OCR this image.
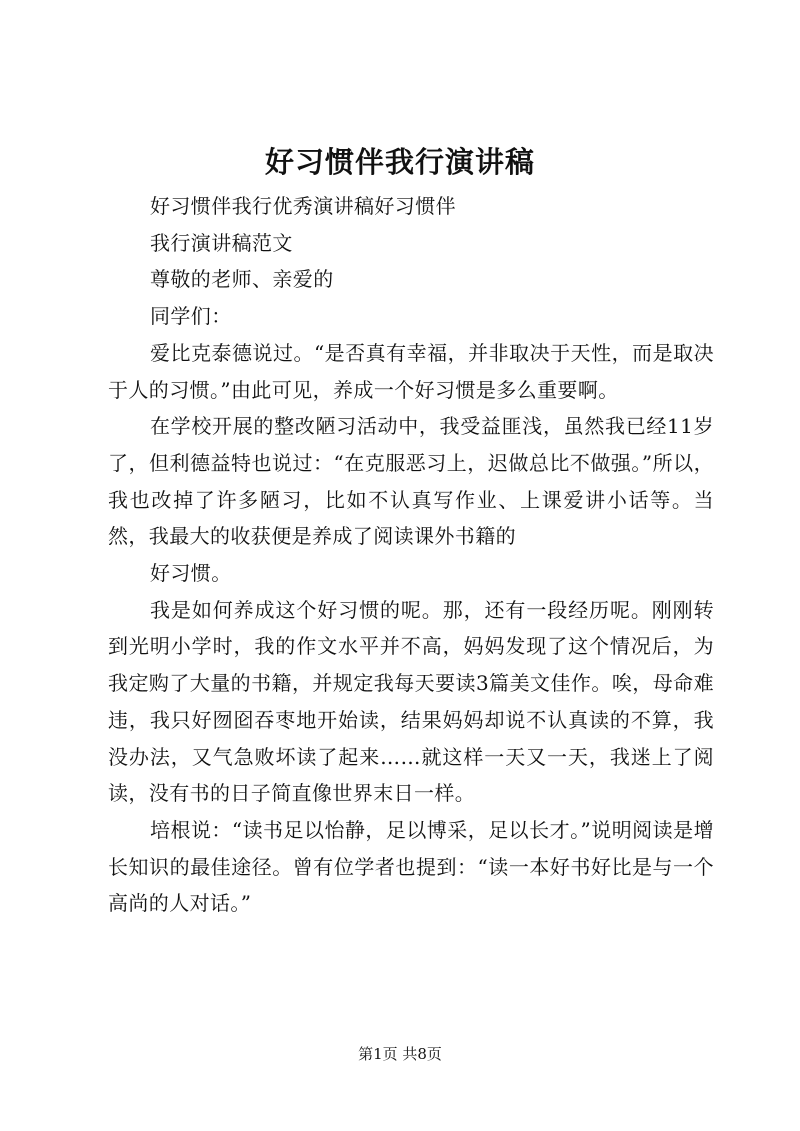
好习惯伴我行演讲稿

好习惯伴我行优秀演讲稿好习惯伴

我行演讲稿范文

尊敬的老师、亲爱的

同学们：

爱比克泰德说过。“是否真有幸福，并非取决于天性，而是取决于人的习惯。”由此可见，养成一个好习惯是多么重要啊。

在学校开展的整改陋习活动中，我受益匪浅，虽然我已经11岁了，但利德益特也说过：“在克服恶习上，迟做总比不做强。”所以，我也改掉了许多陋习，比如不认真写作业、上课爱讲小话等。当然，我最大的收获便是养成了阅读课外书籍的

好习惯。

我是如何养成这个好习惯的呢。那，还有一段经历呢。刚刚转到光明小学时，我的作文水平并不高，妈妈发现了这个情况后，为我定购了大量的书籍，并规定我每天要读3篇美文佳作。唉，母命难违，我只好囫囵吞枣地开始读，结果妈妈却说不认真读的不算，我没办法，又气急败坏读了起来……就这样一天又一天，我迷上了阅读，没有书的日子简直像世界末日一样。

培根说：“读书足以怡静，足以博采，足以长才。”说明阅读是增长知识的最佳途径。曾有位学者也提到：“读一本好书好比是与一个高尚的人对话。”

第1页 共8页
